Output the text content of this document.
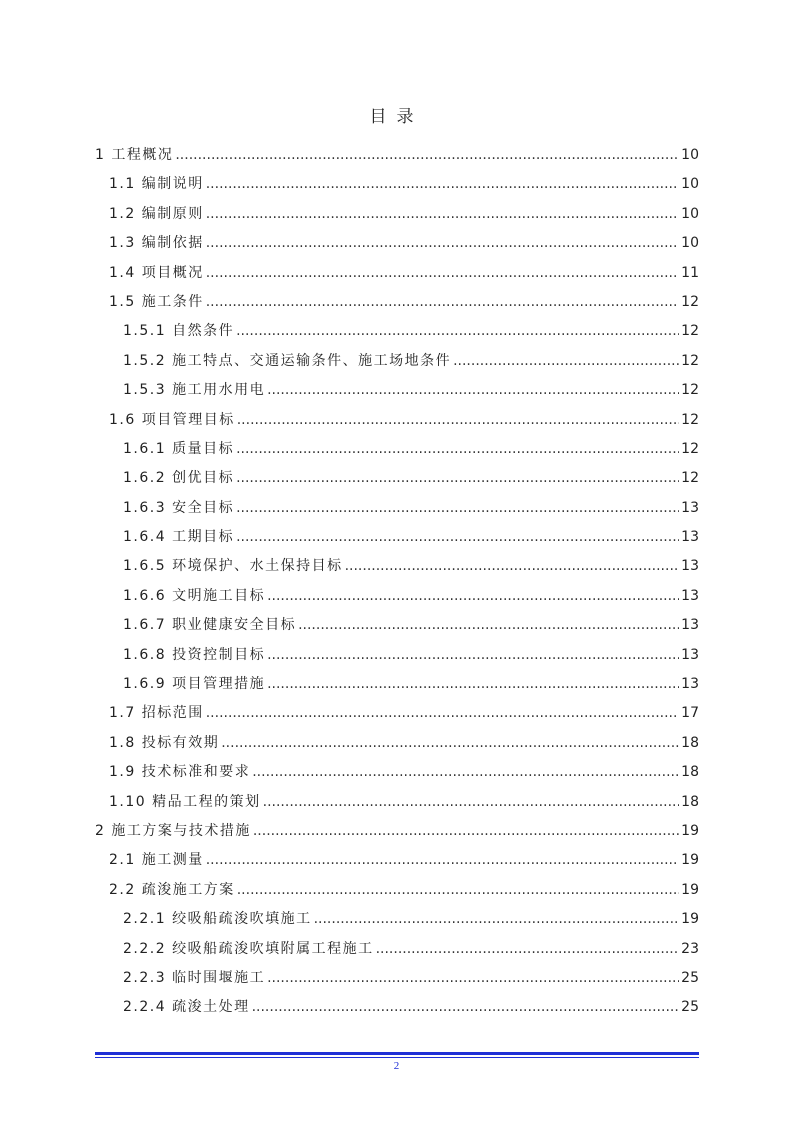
目录
1 工程概况 .....	10
1.1 编制说明 .....	10
1.2 编制原则 .....	10
1.3 编制依据 .....	10
1.4 项目概况 .....	11
1.5 施工条件 .....	12
1.5.1 自然条件 .....	12
1.5.2 施工特点、交通运输条件、施工场地条件 .....	12
1.5.3 施工用水用电 .....	12
1.6 项目管理目标 .....	12
1.6.1 质量目标 .....	12
1.6.2 创优目标 .....	12
1.6.3 安全目标 .....	13
1.6.4 工期目标 .....	13
1.6.5 环境保护、水土保持目标 .....	13
1.6.6 文明施工目标 .....	13
1.6.7 职业健康安全目标 .....	13
1.6.8 投资控制目标 .....	13
1.6.9 项目管理措施 .....	13
1.7 招标范围 .....	17
1.8 投标有效期 .....	18
1.9 技术标准和要求 .....	18
1.10 精品工程的策划 .....	18
2 施工方案与技术措施 .....	19
2.1 施工测量 .....	19
2.2 疏浚施工方案 .....	19
2.2.1 绞吸船疏浚吹填施工 .....	19
2.2.2 绞吸船疏浚吹填附属工程施工 .....	23
2.2.3 临时围堰施工 .....	25
2.2.4 疏浚土处理 .....	25
2
